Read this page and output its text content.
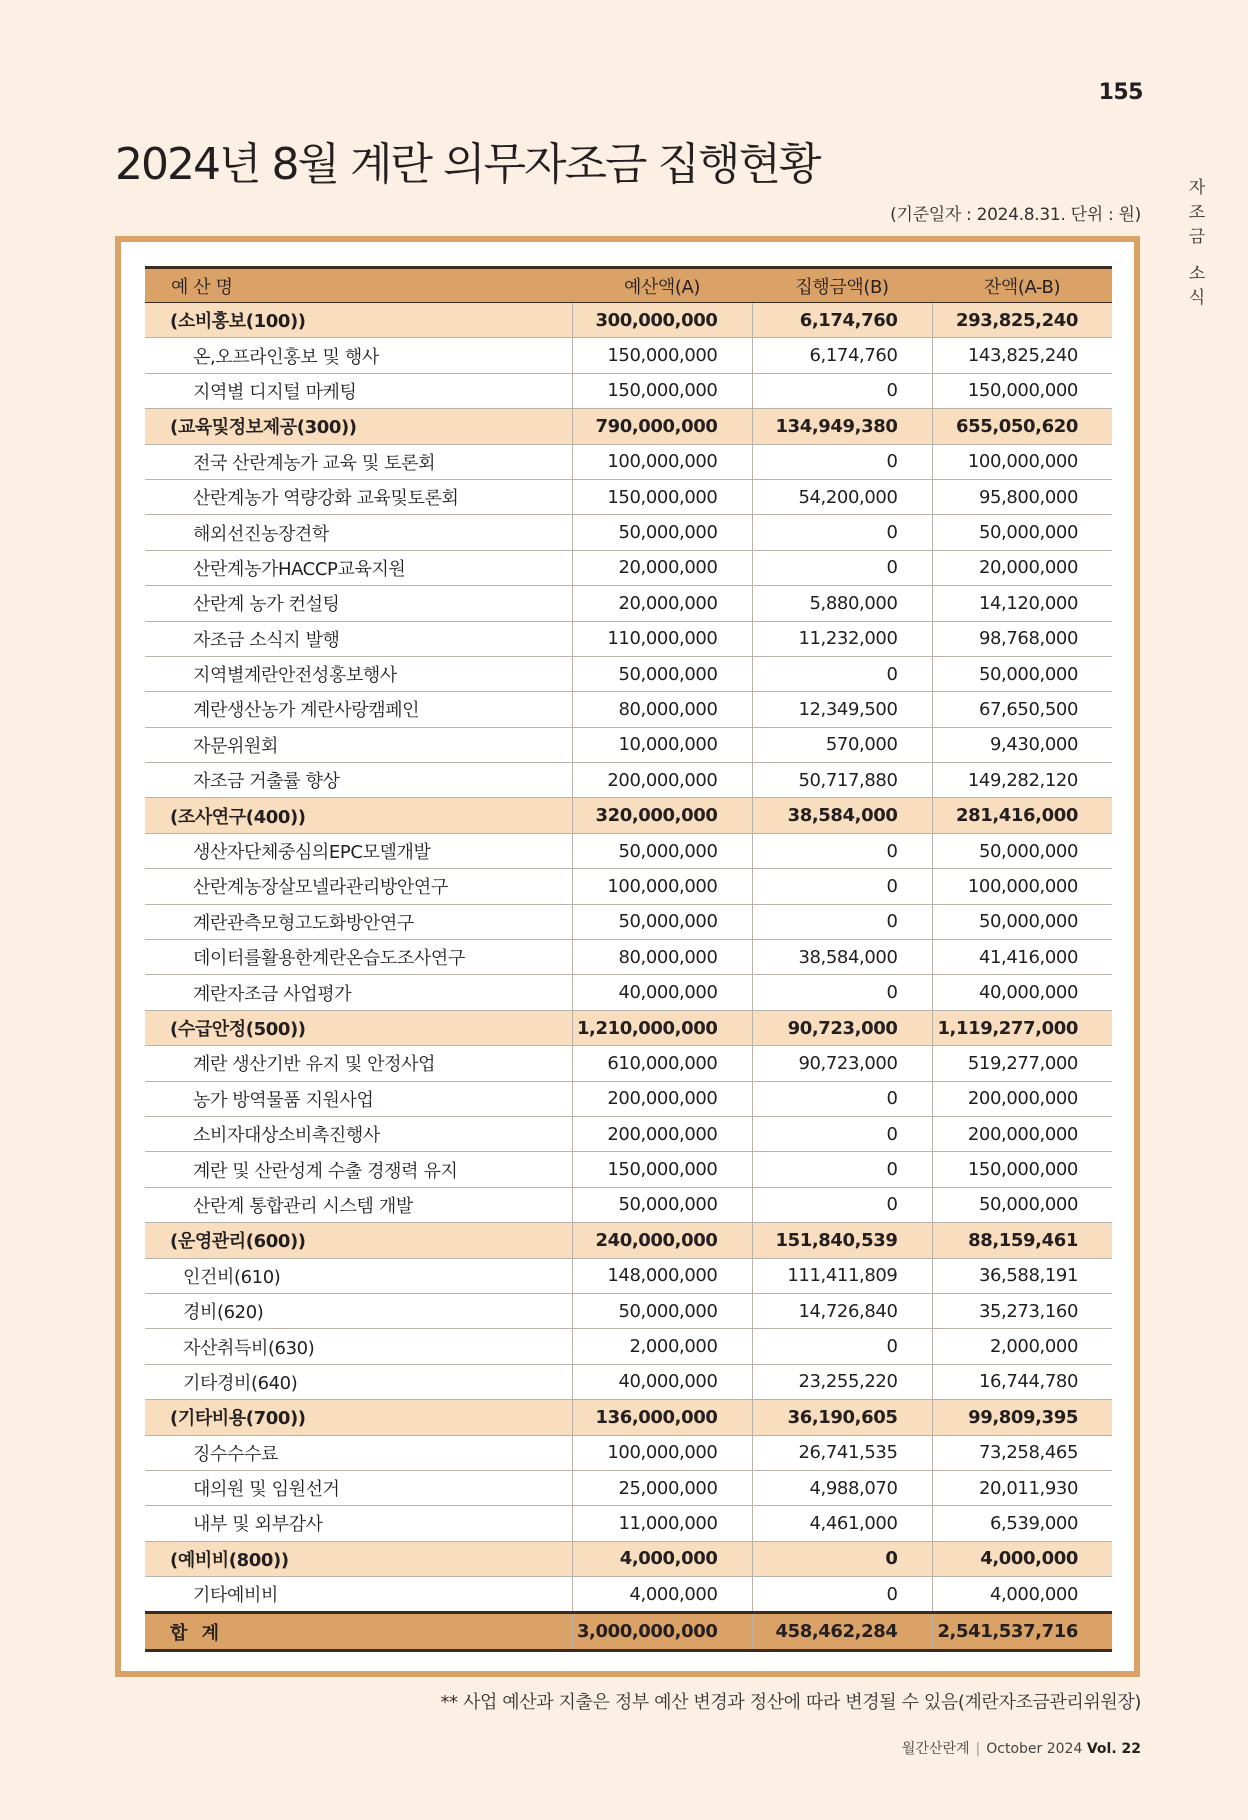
155
자
조
금
소
식
2024년 8월 계란 의무자조금 집행현황
(기준일자 : 2024.8.31. 단위 : 원)
예 산 명	예산액(A)	집행금액(B)	잔액(A-B)
(소비홍보(100))	300,000,000	6,174,760	293,825,240
온,오프라인홍보 및 행사	150,000,000	6,174,760	143,825,240
지역별 디지털 마케팅	150,000,000	0	150,000,000
(교육및정보제공(300))	790,000,000	134,949,380	655,050,620
전국 산란계농가 교육 및 토론회	100,000,000	0	100,000,000
산란계농가 역량강화 교육및토론회	150,000,000	54,200,000	95,800,000
해외선진농장견학	50,000,000	0	50,000,000
산란계농가HACCP교육지원	20,000,000	0	20,000,000
산란계 농가 컨설팅	20,000,000	5,880,000	14,120,000
자조금 소식지 발행	110,000,000	11,232,000	98,768,000
지역별계란안전성홍보행사	50,000,000	0	50,000,000
계란생산농가 계란사랑캠페인	80,000,000	12,349,500	67,650,500
자문위원회	10,000,000	570,000	9,430,000
자조금 거출률 향상	200,000,000	50,717,880	149,282,120
(조사연구(400))	320,000,000	38,584,000	281,416,000
생산자단체중심의EPC모델개발	50,000,000	0	50,000,000
산란계농장살모넬라관리방안연구	100,000,000	0	100,000,000
계란관측모형고도화방안연구	50,000,000	0	50,000,000
데이터를활용한계란온습도조사연구	80,000,000	38,584,000	41,416,000
계란자조금 사업평가	40,000,000	0	40,000,000
(수급안정(500))	1,210,000,000	90,723,000	1,119,277,000
계란 생산기반 유지 및 안정사업	610,000,000	90,723,000	519,277,000
농가 방역물품 지원사업	200,000,000	0	200,000,000
소비자대상소비촉진행사	200,000,000	0	200,000,000
계란 및 산란성계 수출 경쟁력 유지	150,000,000	0	150,000,000
산란계 통합관리 시스템 개발	50,000,000	0	50,000,000
(운영관리(600))	240,000,000	151,840,539	88,159,461
인건비(610)	148,000,000	111,411,809	36,588,191
경비(620)	50,000,000	14,726,840	35,273,160
자산취득비(630)	2,000,000	0	2,000,000
기타경비(640)	40,000,000	23,255,220	16,744,780
(기타비용(700))	136,000,000	36,190,605	99,809,395
징수수수료	100,000,000	26,741,535	73,258,465
대의원 및 임원선거	25,000,000	4,988,070	20,011,930
내부 및 외부감사	11,000,000	4,461,000	6,539,000
(예비비(800))	4,000,000	0	4,000,000
기타예비비	4,000,000	0	4,000,000
합 계	3,000,000,000	458,462,284	2,541,537,716
** 사업 예산과 지출은 정부 예산 변경과 정산에 따라 변경될 수 있음(계란자조금관리위원장)
월간산란계 | October 2024 Vol. 22
